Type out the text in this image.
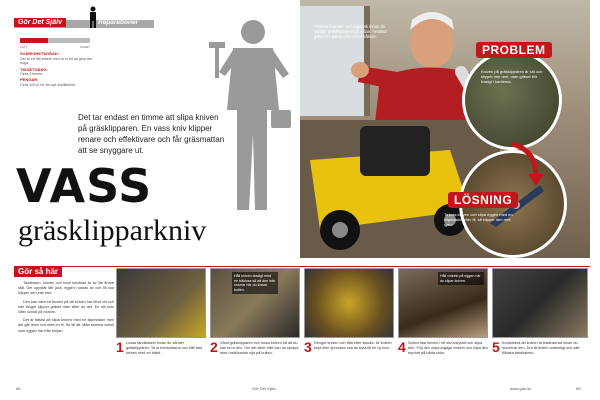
Gör Det Själv	Reparationer
LÄTT	SVÅRT
SVÅRIGHETSGRAD:

Det är ett lätt arbete men ta er tid att göra det noga.

TIDSÅTGÅNG:

Cirka 1 timme.

PENGAR:

Cirka 100 kr för ett nytt sliptillbehör.

Det tar endast en timme att slipa kniven på gräsklipparen. En vass kniv klipper renare och effektivare och får gräsmattan att se snyggare ut.
VASS
gräsklipparkniv
Tömma bränsle- och oljetank innan du vänder gräsklipparen på sidan. Använd gärna en pump eller en behållare.
Kniven på gräsklipparen är slö och klipper inte rent, utan gräset blir trasigt i kanterna.
PROBLEM
LÖSNING
Ta loss kniven och slipa eggen med en slipmaskin eller fil, så klipper den rent igen.
Gör så här

Tandtoken, kniven och tomt knivblad är av lite finare stål. Det uppstår lätt jack, eggen rundas av och till slut klipper den inte rent.

Den kan vara ett tecken på att kniven har blivit slö och inte längre klipper gräset utan sliter av det. En slö kniv sliter också på motorn.

Det är lättast att slipa kniven med en slipmaskin men det går även bra med en fil. Se till att hålla samma vinkel som eggen har från början.

1 Lossa tändkabeln innan du vänder gräsklipparen. Ta ut knivbultarna och håll fast kniven med en träbit.
Håll kniven stadigt med en träkloss så att den inte snurrar när du lossar bulten.
2 Vänd gräsklipparen och lossa kniven så att du kan ta ut den. Om det sitter hårt kan du spraya med rostlösande olja på bulten.	3 Rengör kniven och titta efter skador. Är kniven böjd eller sprucken ska du byta till en ny kniv.
Håll vinkeln på eggen när du slipar kniven.
4 Spänn fast kniven i ett skruvstycke och slipa den. Följ den ursprungliga vinkeln och slipa lika mycket på båda sidor.	5 Kontrollera att kniven är balanserad innan du monterar den. Dra åt bulten ordentligt och sätt tillbaka tändkabeln.
68	Gör Det Själv	www.gds.se	69
